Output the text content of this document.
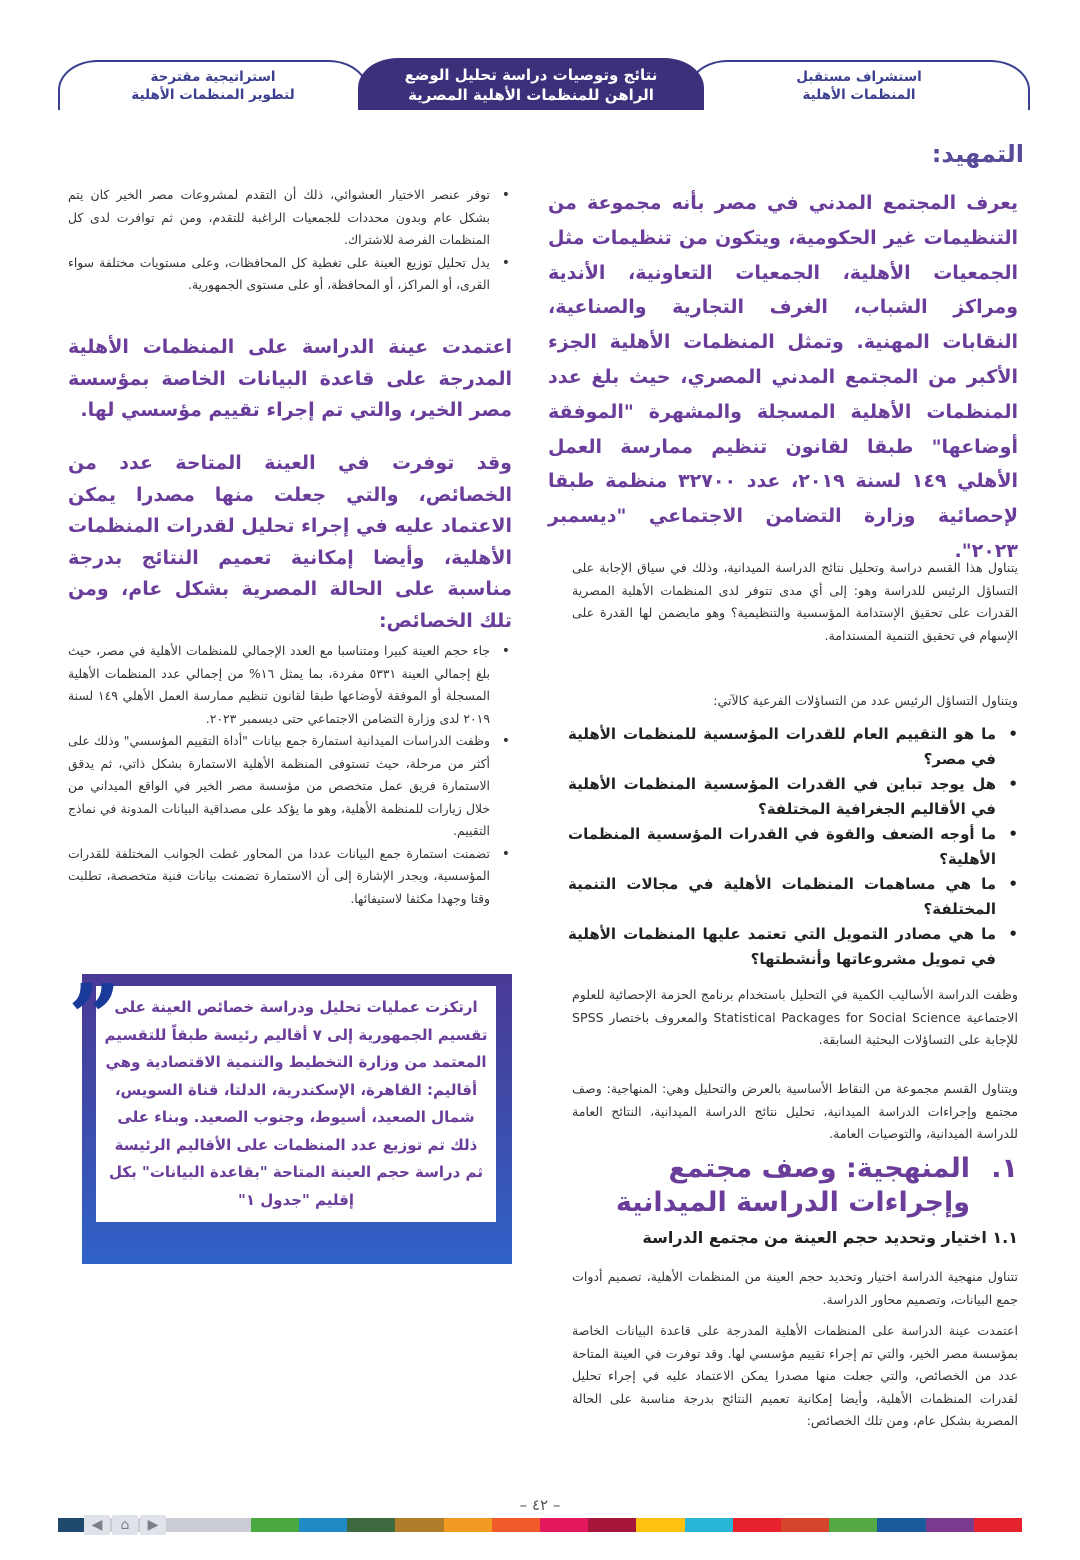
استشراف مستقبل
المنظمات الأهلية
استراتيجية مقترحة
لتطوير المنظمات الأهلية
نتائج وتوصيات دراسة تحليل الوضع
الراهن للمنظمات الأهلية المصرية
التمهيد:

يعرف المجتمع المدني في مصر بأنه مجموعة من التنظيمات غير الحكومية، ويتكون من تنظيمات مثل الجمعيات الأهلية، الجمعيات التعاونية، الأندية ومراكز الشباب، الغرف التجارية والصناعية، النقابات المهنية. وتمثل المنظمات الأهلية الجزء الأكبر من المجتمع المدني المصري، حيث بلغ عدد المنظمات الأهلية المسجلة والمشهرة "الموفقة أوضاعها" طبقا لقانون تنظيم ممارسة العمل الأهلي ١٤٩ لسنة ٢٠١٩، عدد ٣٢٧٠٠ منظمة طبقا لإحصائية وزارة التضامن الاجتماعي "ديسمبر ٢٠٢٣".

يتناول هذا القسم دراسة وتحليل نتائج الدراسة الميدانية، وذلك في سياق الإجابة على التساؤل الرئيس للدراسة وهو: إلى أي مدى تتوفر لدى المنظمات الأهلية المصرية القدرات على تحقيق الإستدامة المؤسسية والتنظيمية؟ وهو مايضمن لها القدرة على الإسهام في تحقيق التنمية المستدامة.

ويتناول التساؤل الرئيس عدد من التساؤلات الفرعية كالآتي:

• ما هو التقييم العام للقدرات المؤسسية للمنظمات الأهلية في مصر؟
• هل يوجد تباين في القدرات المؤسسية المنظمات الأهلية في الأقاليم الجغرافية المختلفة؟
• ما أوجه الضعف والقوة في القدرات المؤسسية المنظمات الأهلية؟
• ما هي مساهمات المنظمات الأهلية في مجالات التنمية المختلفة؟
• ما هي مصادر التمويل التي تعتمد عليها المنظمات الأهلية في تمويل مشروعاتها وأنشطتها؟

وظفت الدراسة الأساليب الكمية في التحليل باستخدام برنامج الحزمة الإحصائية للعلوم الاجتماعية Statistical Packages for Social Science والمعروف باختصار SPSS للإجابة على التساؤلات البحثية السابقة.

ويتناول القسم مجموعة من النقاط الأساسية بالعرض والتحليل وهي: المنهاجية: وصف مجتمع وإجراءات الدراسة الميدانية، تحليل نتائج الدراسة الميدانية، النتائج العامة للدراسة الميدانية، والتوصيات العامة.

١.
المنهجية: وصف مجتمع وإجراءات الدراسة الميدانية
١.١ اختيار وتحديد حجم العينة من مجتمع الدراسة

تتناول منهجية الدراسة اختيار وتحديد حجم العينة من المنظمات الأهلية، تصميم أدوات جمع البيانات، وتصميم محاور الدراسة.

اعتمدت عينة الدراسة على المنظمات الأهلية المدرجة على قاعدة البيانات الخاصة بمؤسسة مصر الخير، والتي تم إجراء تقييم مؤسسي لها. وقد توفرت في العينة المتاحة عدد من الخصائص، والتي جعلت منها مصدرا يمكن الاعتماد عليه في إجراء تحليل لقدرات المنظمات الأهلية، وأيضا إمكانية تعميم النتائج بدرجة مناسبة على الحالة المصرية بشكل عام، ومن تلك الخصائص:

• توفر عنصر الاختيار العشوائي، ذلك أن التقدم لمشروعات مصر الخير كان يتم بشكل عام وبدون محددات للجمعيات الراغبة للتقدم، ومن ثم توافرت لدى كل المنظمات الفرصة للاشتراك.
• يدل تحليل توزيع العينة على تغطية كل المحافظات، وعلى مستويات مختلفة سواء القرى، أو المراكز، أو المحافظة، أو على مستوى الجمهورية.

اعتمدت عينة الدراسة على المنظمات الأهلية المدرجة على قاعدة البيانات الخاصة بمؤسسة مصر الخير، والتي تم إجراء تقييم مؤسسي لها.

وقد توفرت في العينة المتاحة عدد من الخصائص، والتي جعلت منها مصدرا يمكن الاعتماد عليه في إجراء تحليل لقدرات المنظمات الأهلية، وأيضا إمكانية تعميم النتائج بدرجة مناسبة على الحالة المصرية بشكل عام، ومن تلك الخصائص:

• جاء حجم العينة كبيرا ومتناسبا مع العدد الإجمالي للمنظمات الأهلية في مصر، حيث بلغ إجمالي العينة ٥٣٣١ مفردة، بما يمثل ١٦% من إجمالي عدد المنظمات الأهلية المسجلة أو الموفقة لأوضاعها طبقا لقانون تنظيم ممارسة العمل الأهلي ١٤٩ لسنة ٢٠١٩ لدى وزارة التضامن الاجتماعي حتى ديسمبر ٢٠٢٣.
• وظفت الدراسات الميدانية استمارة جمع بيانات "أداة التقييم المؤسسي" وذلك على أكثر من مرحلة، حيث تستوفى المنظمة الأهلية الاستمارة بشكل ذاتي، ثم يدقق الاستمارة فريق عمل متخصص من مؤسسة مصر الخير في الواقع الميداني من خلال زيارات للمنظمة الأهلية، وهو ما يؤكد على مصداقية البيانات المدونة في نماذج التقييم.
• تضمنت استمارة جمع البيانات عددا من المحاور غطت الجوانب المختلفة للقدرات المؤسسية، ويجدر الإشارة إلى أن الاستمارة تضمنت بيانات فنية متخصصة، تطلبت وقتا وجهدا مكثفا لاستيفائها.

ارتكزت عمليات تحليل ودراسة خصائص العينة على تقسيم الجمهورية إلى ٧ أقاليم رئيسة طبقاً للتقسيم المعتمد من وزارة التخطيط والتنمية الاقتصادية وهي أقاليم: القاهرة، الإسكندرية، الدلتا، قناة السويس، شمال الصعيد، أسيوط، وجنوب الصعيد. وبناء على ذلك تم توزيع عدد المنظمات على الأقاليم الرئيسة ثم دراسة حجم العينة المتاحة "بقاعدة البيانات" بكل إقليم "جدول ١"

”
– ٤٢ –
◀	⌂	▶
